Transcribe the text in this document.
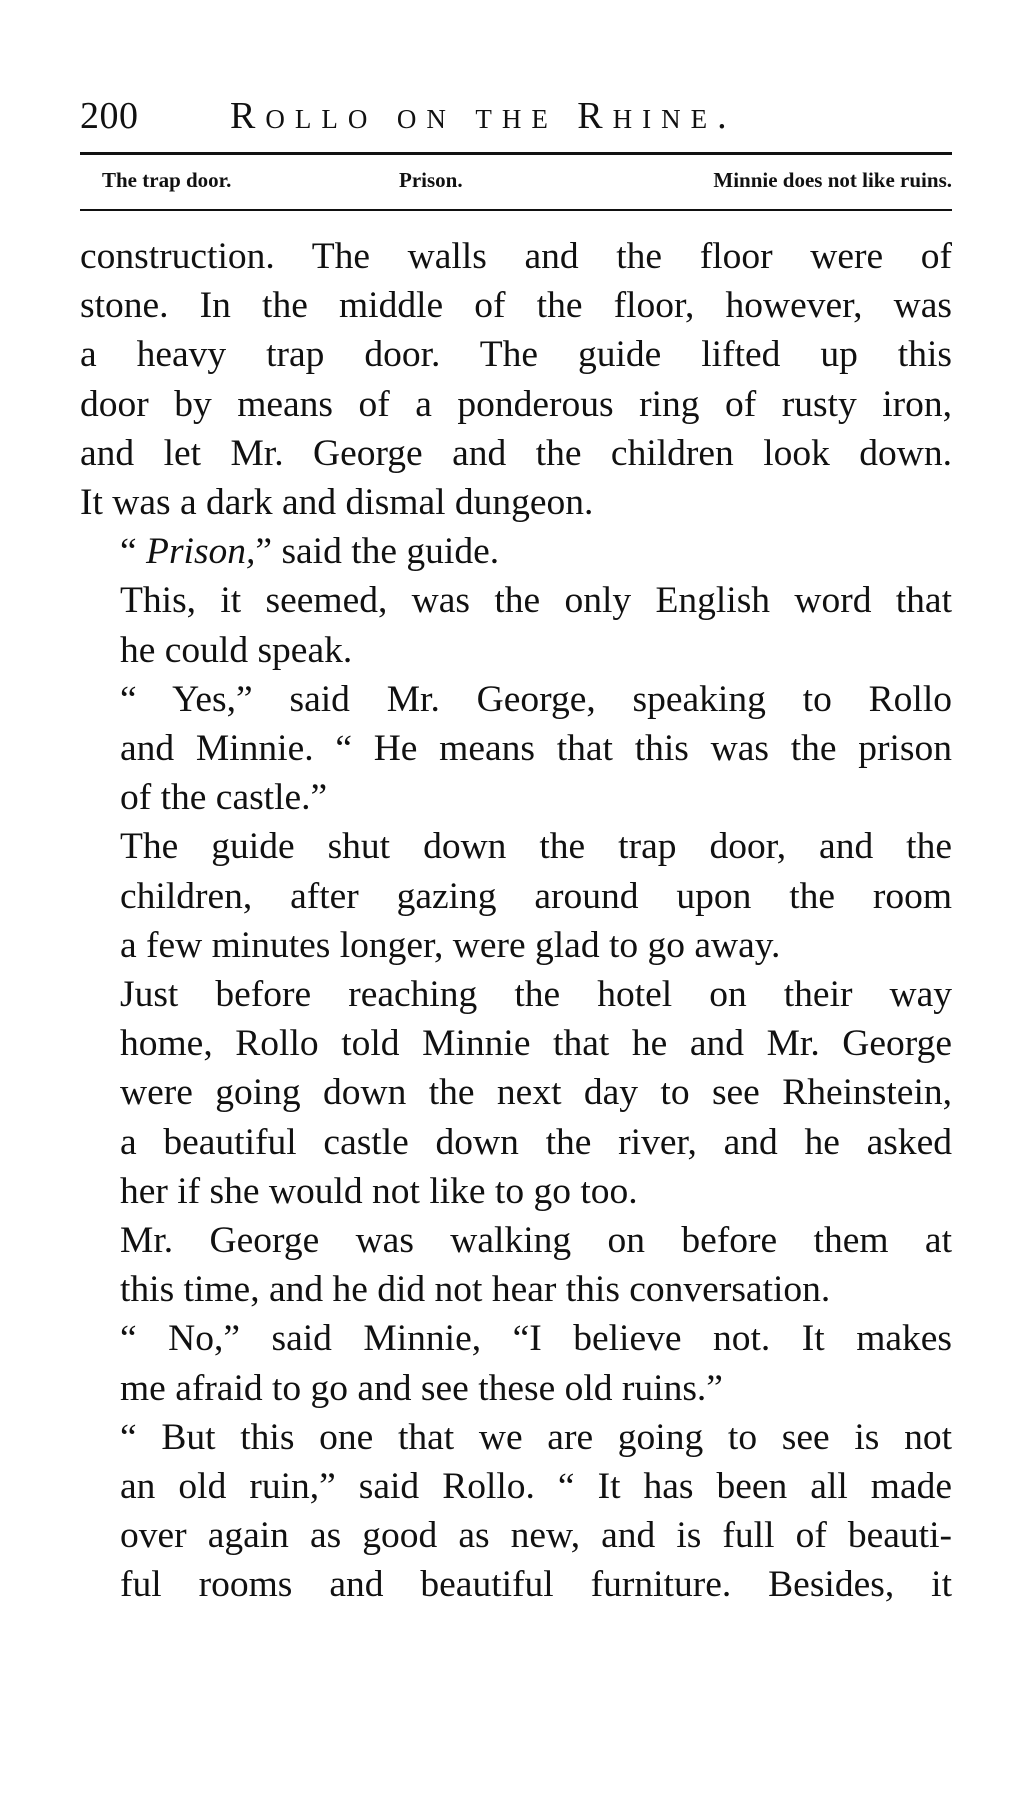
200 Rollo on the Rhine.
The trap door.	Prison.	Minnie does not like ruins.

construction. The walls and the floor were of
stone. In the middle of the floor, however, was
a heavy trap door. The guide lifted up this
door by means of a ponderous ring of rusty iron,
and let Mr. George and the children look down.
It was a dark and dismal dungeon.

“ Prison,” said the guide.

This, it seemed, was the only English word that
he could speak.

“ Yes,” said Mr. George, speaking to Rollo
and Minnie. “ He means that this was the prison
of the castle.”

The guide shut down the trap door, and the
children, after gazing around upon the room
a few minutes longer, were glad to go away.

Just before reaching the hotel on their way
home, Rollo told Minnie that he and Mr. George
were going down the next day to see Rheinstein,
a beautiful castle down the river, and he asked
her if she would not like to go too.

Mr. George was walking on before them at
this time, and he did not hear this conversation.

“ No,” said Minnie, “I believe not. It makes
me afraid to go and see these old ruins.”

“ But this one that we are going to see is not
an old ruin,” said Rollo. “ It has been all made
over again as good as new, and is full of beauti-
ful rooms and beautiful furniture. Besides, it
